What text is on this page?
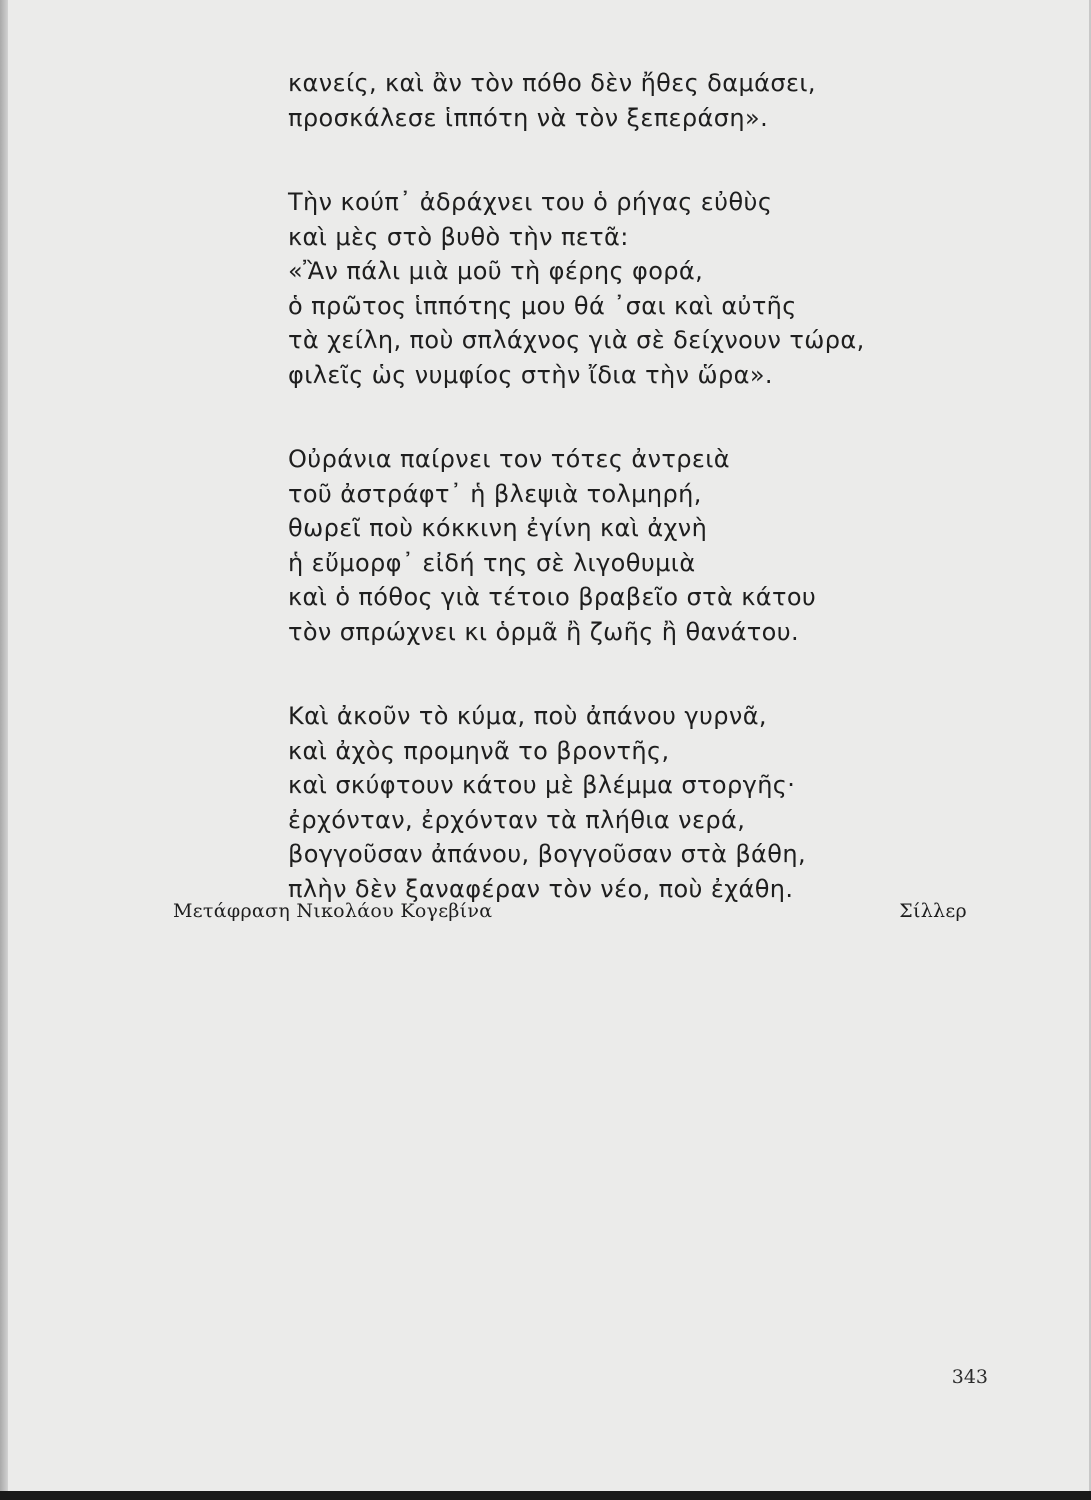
κανείς, καὶ ἂν τὸν πόθο δὲν ἤθες δαμάσει,
προσκάλεσε ἱππότη νὰ τὸν ξεπεράση».
Τὴν κούπ᾽ ἀδράχνει του ὁ ρήγας εὐθὺς
καὶ μὲς στὸ βυθὸ τὴν πετᾶ:
«Ἂν πάλι μιὰ μοῦ τὴ φέρης φορά,
ὁ πρῶτος ἱππότης μου θά ᾽σαι καὶ αὐτῆς
τὰ χείλη, ποὺ σπλάχνος γιὰ σὲ δείχνουν τώρα,
φιλεῖς ὡς νυμφίος στὴν ἴδια τὴν ὥρα».
Οὐράνια παίρνει τον τότες ἀντρειὰ
τοῦ ἀστράφτ᾽ ἡ βλεψιὰ τολμηρή,
θωρεῖ ποὺ κόκκινη ἐγίνη καὶ ἀχνὴ
ἡ εὔμορφ᾽ εἰδή της σὲ λιγοθυμιὰ
καὶ ὁ πόθος γιὰ τέτοιο βραβεῖο στὰ κάτου
τὸν σπρώχνει κι ὁρμᾶ ἢ ζωῆς ἢ θανάτου.
Καὶ ἀκοῦν τὸ κύμα, ποὺ ἀπάνου γυρνᾶ,
καὶ ἀχὸς προμηνᾶ το βροντῆς,
καὶ σκύφτουν κάτου μὲ βλέμμα στοργῆς·
ἐρχόνταν, ἐρχόνταν τὰ πλήθια νερά,
βογγοῦσαν ἀπάνου, βογγοῦσαν στὰ βάθη,
πλὴν δὲν ξαναφέραν τὸν νέο, ποὺ ἐχάθη.
Μετάφραση Νικολάου Κογεβίνα	Σίλλερ
343
